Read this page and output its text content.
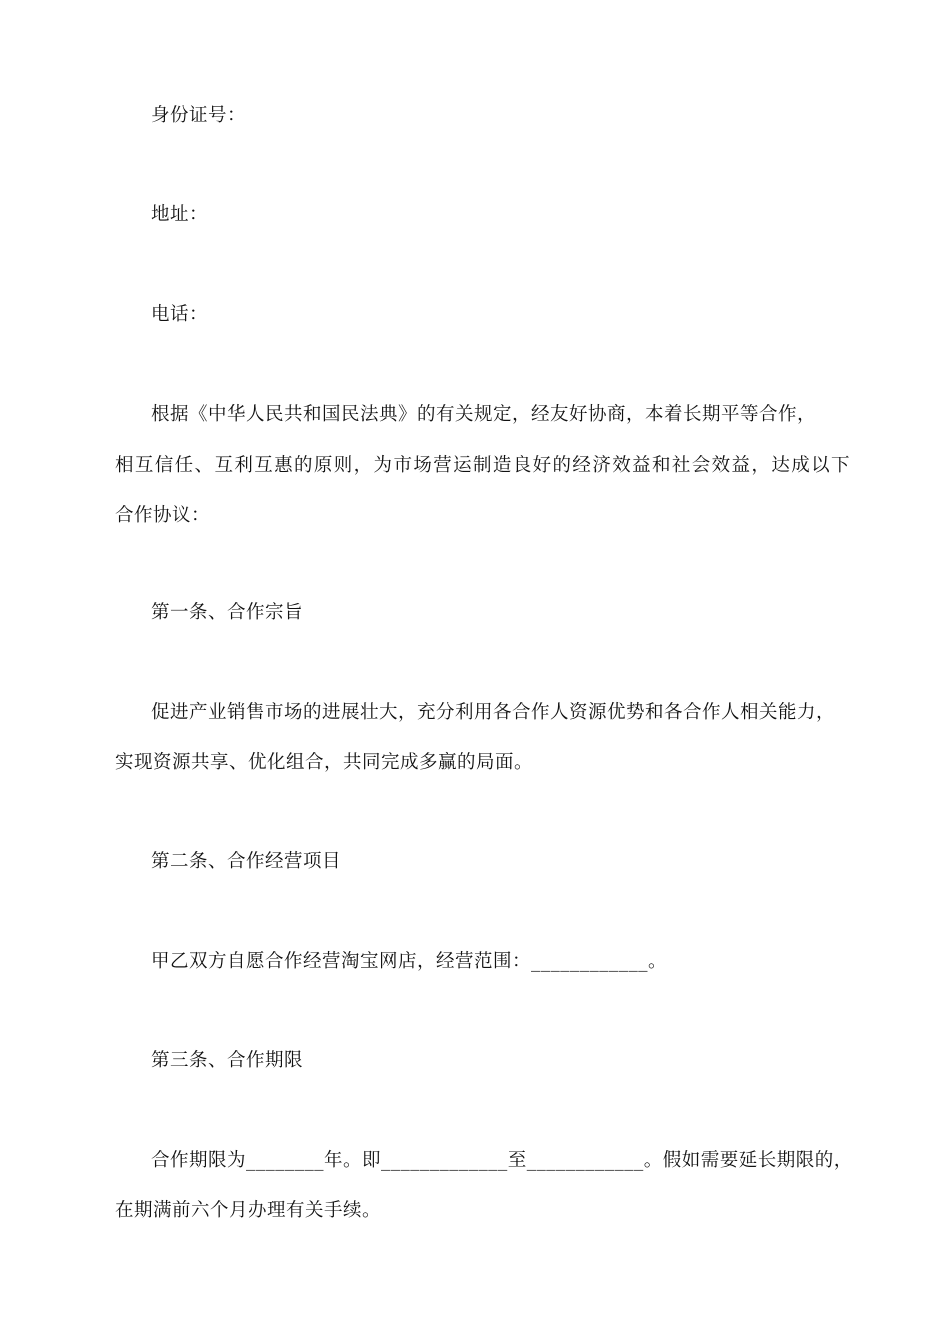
身份证号：
地址：
电话：
根据《中华人民共和国民法典》的有关规定，经友好协商，本着长期平等合作，
相互信任、互利互惠的原则，为市场营运制造良好的经济效益和社会效益，达成以下
合作协议：
第一条、合作宗旨
促进产业销售市场的进展壮大，充分利用各合作人资源优势和各合作人相关能力，
实现资源共享、优化组合，共同完成多赢的局面。
第二条、合作经营项目
甲乙双方自愿合作经营淘宝网店，经营范围：____________。
第三条、合作期限
合作期限为________年。即_____________至____________。假如需要延长期限的，
在期满前六个月办理有关手续。
